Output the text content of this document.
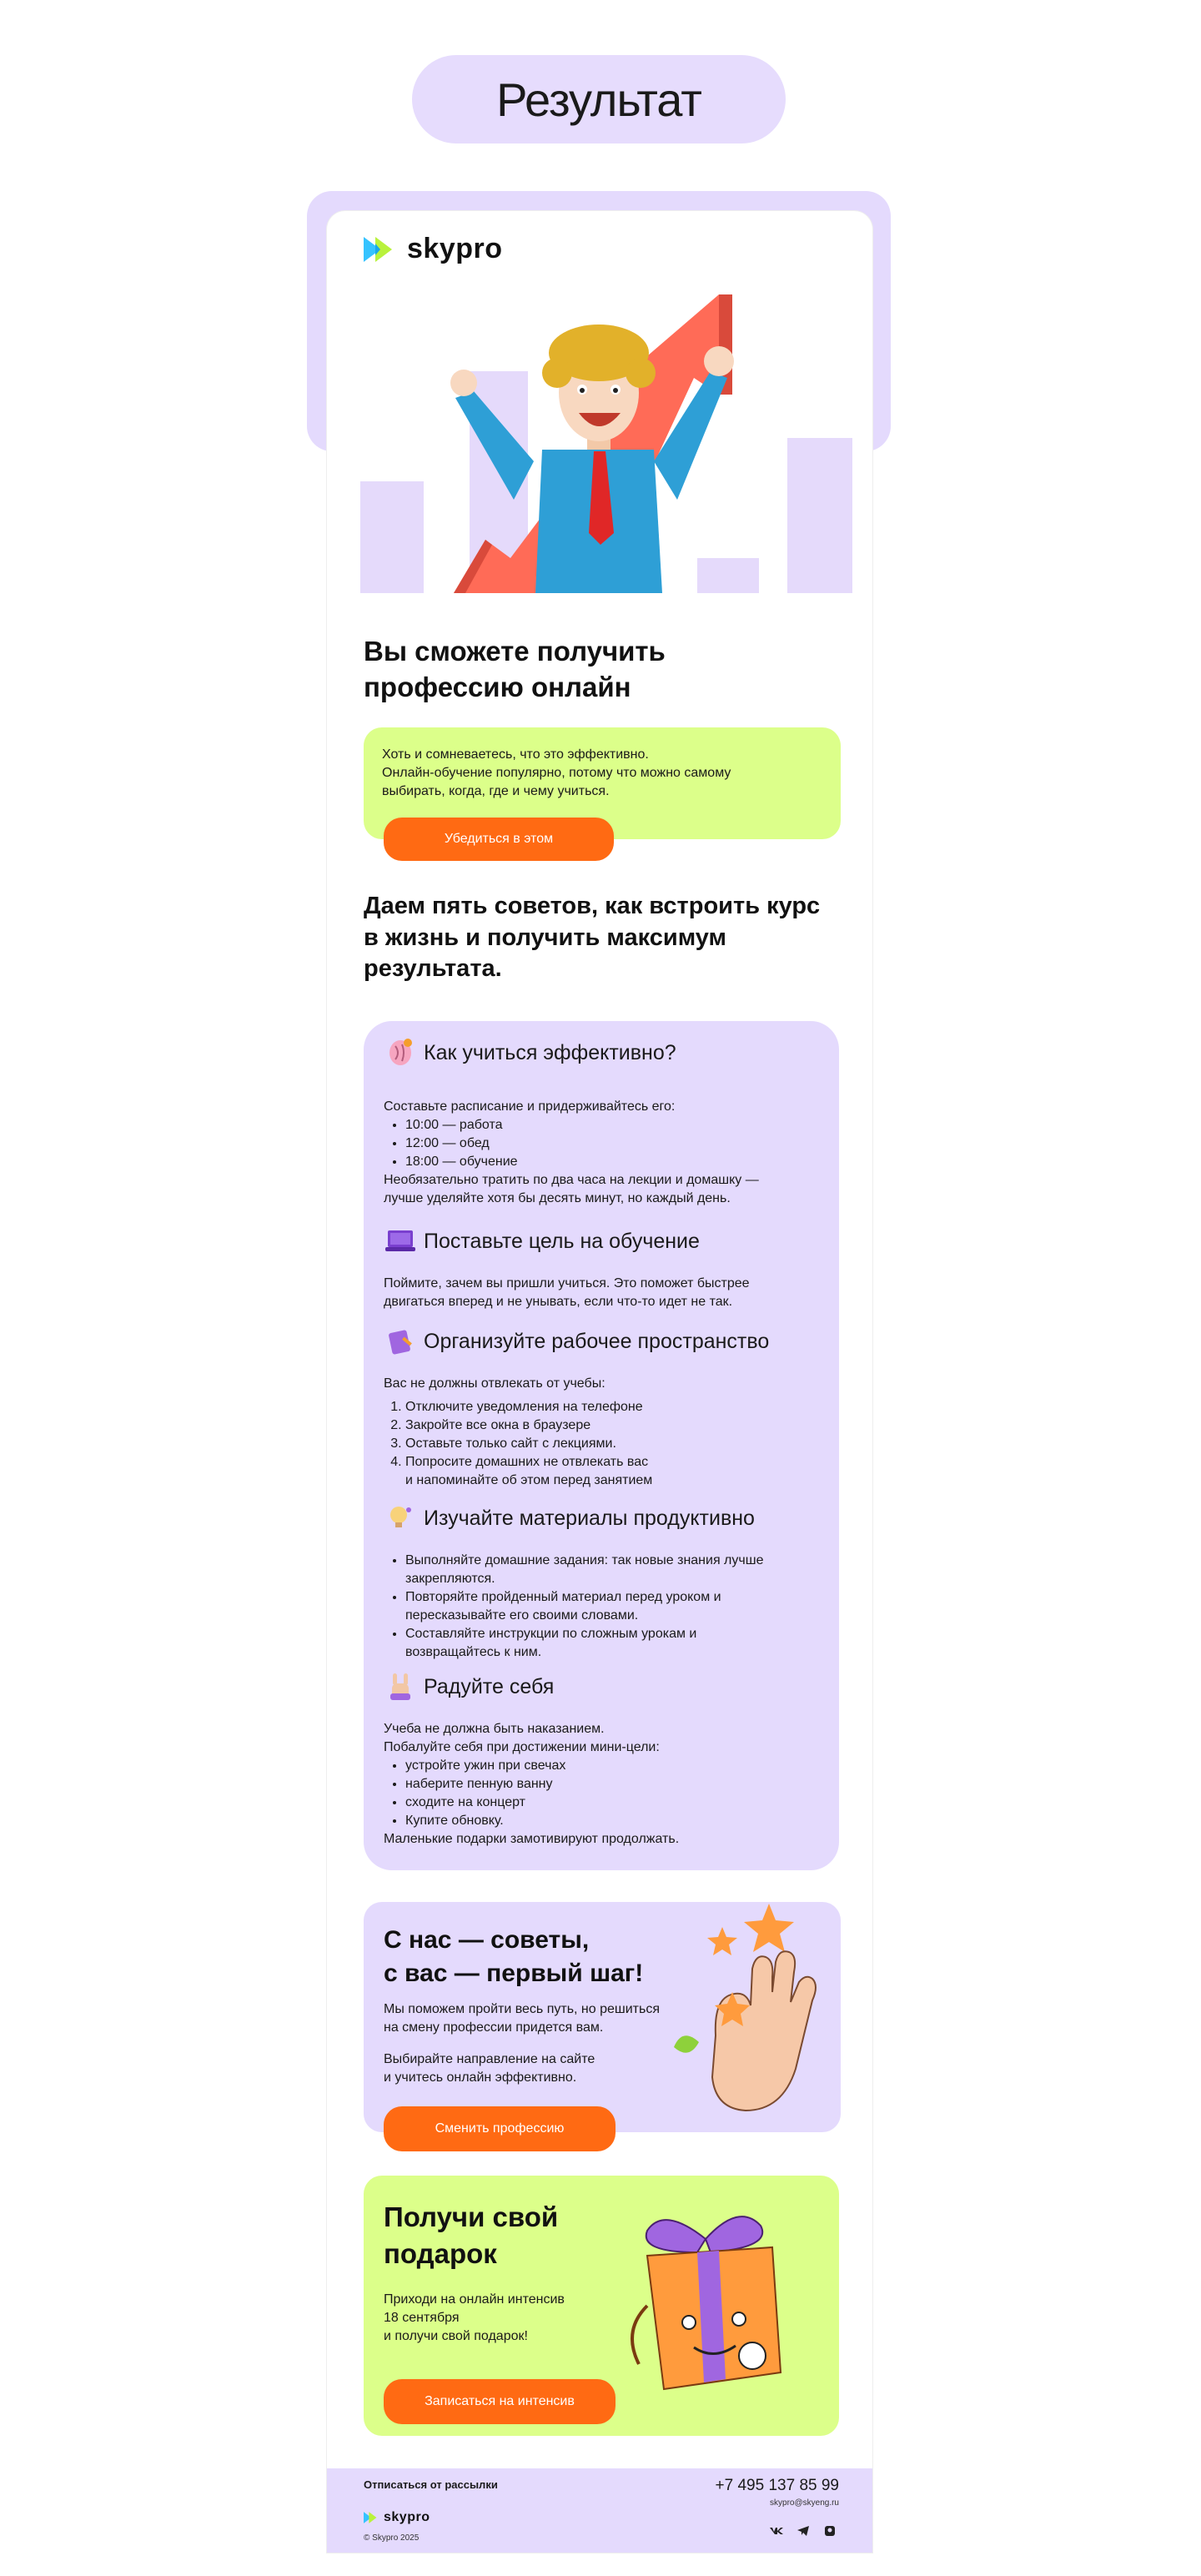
Результат
skypro
Вы сможете получить профессию онлайн

Хоть и сомневаетесь, что это эффективно.

Онлайн-обучение популярно, потому что можно самому

выбирать, когда, где и чему учиться.

Убедиться в этом
Даем пять советов, как встроить курс в жизнь и получить максимум результата.
Как учиться эффективно?

Составьте расписание и придерживайтесь его:

• 10:00 — работа
• 12:00 — обед
• 18:00 — обучение

Необязательно тратить по два часа на лекции и домашку —

лучше уделяйте хотя бы десять минут, но каждый день.

Поставьте цель на обучение

Поймите, зачем вы пришли учиться. Это поможет быстрее

двигаться вперед и не унывать, если что-то идет не так.

Организуйте рабочее пространство

Вас не должны отвлекать от учебы:

1. Отключите уведомления на телефоне
2. Закройте все окна в браузере
3. Оставьте только сайт с лекциями.
4. Попросите домашних не отвлекать вас
и напоминайте об этом перед занятием
Изучайте материалы продуктивно
• Выполняйте домашние задания: так новые знания лучше
закрепляются.
• Повторяйте пройденный материал перед уроком и
пересказывайте его своими словами.
• Составляйте инструкции по сложным урокам и
возвращайтесь к ним.
Радуйте себя

Учеба не должна быть наказанием.

Побалуйте себя при достижении мини-цели:

• устройте ужин при свечах
• наберите пенную ванну
• сходите на концерт
• Купите обновку.

Маленькие подарки замотивируют продолжать.

С нас — советы,
с вас — первый шаг!
Мы поможем пройти весь путь, но решиться
на смену профессии придется вам.
Выбирайте направление на сайте
и учитесь онлайн эффективно.
Сменить профессию
Получи свой
подарок
Приходи на онлайн интенсив
18 сентября
и получи свой подарок!
Записаться на интенсив
Отписаться от рассылки	+7 495 137 85 99
skypro@skyeng.ru
skypro
© Skypro 2025
